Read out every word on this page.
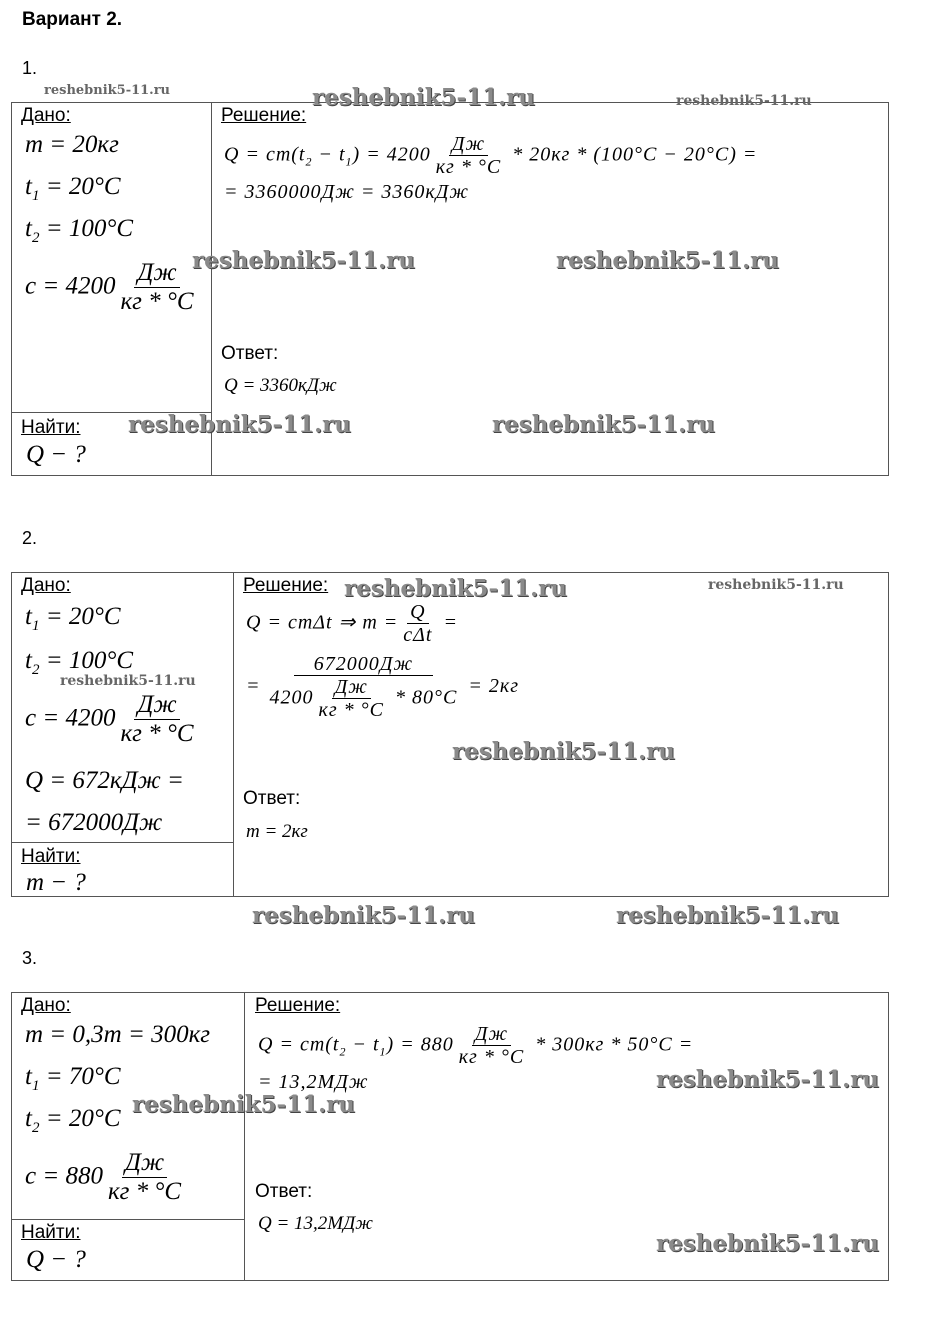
Вариант 2.
1.
Дано:
m = 20кг
$t_1 = 20^\circ C$
$t_2 = 100^\circ C$
$c = 4200 \frac{Дж}{кг * ^\circ C}$
Найти:
Q − ?
Решение:
$Q = cm(t_2 - t_1) = 4200 \frac{Дж}{кг * ^\circ C} * 20кг * (100^\circ C - 20^\circ C)$ =
= 3360000Дж = 3360кДж
Ответ:
Q = 3360кДж
2.
Дано:
$t_1 = 20^\circ C$
$t_2 = 100^\circ C$
$c = 4200 \frac{Дж}{кг * ^\circ C}$
Q = 672кДж =
= 672000Дж
Найти:
m − ?
Решение:
Q = cmΔt ⇒ $m = \frac{Q}{\text{cΔt}}$ =
= $\frac{672000Дж}{4200 \frac{Дж}{кг * ^\circ C} * 80^\circ C} = 2кг$
Ответ:
m = 2кг
3.
Дано:
m = 0,3т = 300кг
$t_1 = 70^\circ C$
$t_2 = 20^\circ C$
$c = 880 \frac{Дж}{кг * ^\circ C}$
Найти:
Q − ?
Решение:
$Q = cm(t_2 - t_1) = 880 \frac{Дж}{кг * ^\circ C} * 300кг * 50^\circ C$ =
= 13,2МДж
Ответ:
Q = 13,2МДж
reshebnik5-11.ru	reshebnik5-11.ru	reshebnik5-11.ru
reshebnik5-11.ru	reshebnik5-11.ru
reshebnik5-11.ru	reshebnik5-11.ru
reshebnik5-11.ru	reshebnik5-11.ru
reshebnik5-11.ru
reshebnik5-11.ru
reshebnik5-11.ru	reshebnik5-11.ru
reshebnik5-11.ru
reshebnik5-11.ru
reshebnik5-11.ru
